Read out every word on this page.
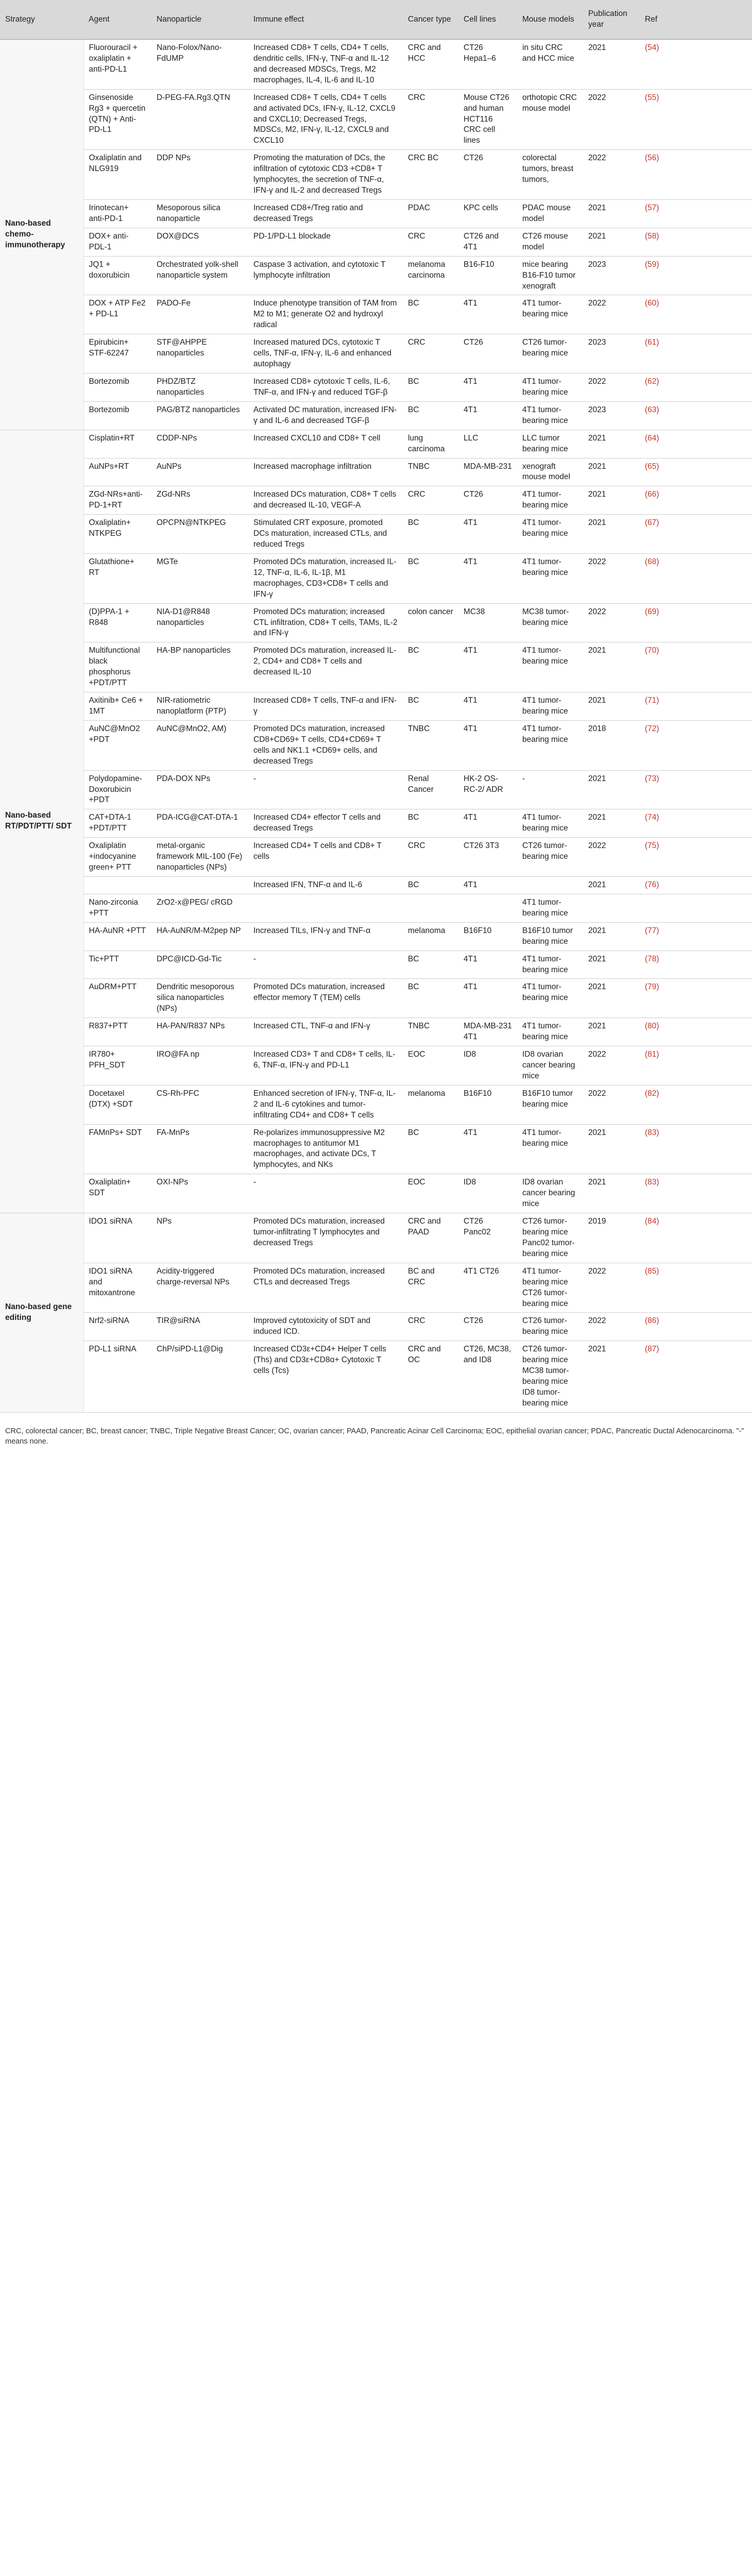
Strategy	Agent	Nanoparticle	Immune effect	Cancer type	Cell lines	Mouse models	Publication year	Ref
Nano-based chemo-immunotherapy	Fluorouracil + oxaliplatin + anti-PD-L1	Nano-Folox/Nano-FdUMP	Increased CD8+ T cells, CD4+ T cells, dendritic cells, IFN-γ, TNF-α and IL-12 and decreased MDSCs, Tregs, M2 macrophages, IL-4, IL-6 and IL-10	CRC and HCC	CT26 Hepa1–6	in situ CRC and HCC mice	2021	(54)
	Ginsenoside Rg3 + quercetin (QTN) + Anti-PD-L1	D-PEG-FA.Rg3.QTN	Increased CD8+ T cells, CD4+ T cells and activated DCs, IFN-γ, IL-12, CXCL9 and CXCL10; Decreased Tregs, MDSCs, M2, IFN-γ, IL-12, CXCL9 and CXCL10	CRC	Mouse CT26 and human HCT116 CRC cell lines	orthotopic CRC mouse model	2022	(55)
	Oxaliplatin and NLG919	DDP NPs	Promoting the maturation of DCs, the infiltration of cytotoxic CD3 +CD8+ T lymphocytes, the secretion of TNF-α, IFN-γ and IL-2 and decreased Tregs	CRC BC	CT26	colorectal tumors, breast tumors,	2022	(56)
	Irinotecan+ anti-PD-1	Mesoporous silica nanoparticle	Increased CD8+/Treg ratio and decreased Tregs	PDAC	KPC cells	PDAC mouse model	2021	(57)
	DOX+ anti-PDL-1	DOX@DCS	PD-1/PD-L1 blockade	CRC	CT26 and 4T1	CT26 mouse model	2021	(58)
	JQ1 + doxorubicin	Orchestrated yolk-shell nanoparticle system	Caspase 3 activation, and cytotoxic T lymphocyte infiltration	melanoma carcinoma	B16-F10	mice bearing B16-F10 tumor xenograft	2023	(59)
	DOX + ATP Fe2 + PD-L1	PADO-Fe	Induce phenotype transition of TAM from M2 to M1; generate O2 and hydroxyl radical	BC	4T1	4T1 tumor-bearing mice	2022	(60)
	Epirubicin+ STF-62247	STF@AHPPE nanoparticles	Increased matured DCs, cytotoxic T cells, TNF-α, IFN-γ, IL-6 and enhanced autophagy	CRC	CT26	CT26 tumor-bearing mice	2023	(61)
	Bortezomib	PHDZ/BTZ nanoparticles	Increased CD8+ cytotoxic T cells, IL-6, TNF-α, and IFN-γ and reduced TGF-β	BC	4T1	4T1 tumor-bearing mice	2022	(62)
	Bortezomib	PAG/BTZ nanoparticles	Activated DC maturation, increased IFN-γ and IL-6 and decreased TGF-β	BC	4T1	4T1 tumor-bearing mice	2023	(63)
Nano-based RT/PDT/PTT/ SDT	Cisplatin+RT	CDDP-NPs	Increased CXCL10 and CD8+ T cell	lung carcinoma	LLC	LLC tumor bearing mice	2021	(64)
	AuNPs+RT	AuNPs	Increased macrophage infiltration	TNBC	MDA-MB-231	xenograft mouse model	2021	(65)
	ZGd-NRs+anti-PD-1+RT	ZGd-NRs	Increased DCs maturation, CD8+ T cells and decreased IL-10, VEGF-A	CRC	CT26	4T1 tumor-bearing mice	2021	(66)
	Oxaliplatin+ NTKPEG	OPCPN@NTKPEG	Stimulated CRT exposure, promoted DCs maturation, increased CTLs, and reduced Tregs	BC	4T1	4T1 tumor-bearing mice	2021	(67)
	Glutathione+ RT	MGTe	Promoted DCs maturation, increased IL-12, TNF-α, IL-6, IL-1β, M1 macrophages, CD3+CD8+ T cells and IFN-γ	BC	4T1	4T1 tumor-bearing mice	2022	(68)
	(D)PPA-1 + R848	NIA-D1@R848 nanoparticles	Promoted DCs maturation; increased CTL infiltration, CD8+ T cells, TAMs, IL-2 and IFN-γ	colon cancer	MC38	MC38 tumor-bearing mice	2022	(69)
	Multifunctional black phosphorus +PDT/PTT	HA-BP nanoparticles	Promoted DCs maturation, increased IL-2, CD4+ and CD8+ T cells and decreased IL-10	BC	4T1	4T1 tumor-bearing mice	2021	(70)
	Axitinib+ Ce6 + 1MT	NIR-ratiometric nanoplatform (PTP)	Increased CD8+ T cells, TNF-α and IFN-γ	BC	4T1	4T1 tumor-bearing mice	2021	(71)
	AuNC@MnO2 +PDT	AuNC@MnO2, AM)	Promoted DCs maturation, increased CD8+CD69+ T cells, CD4+CD69+ T cells and NK1.1 +CD69+ cells, and decreased Tregs	TNBC	4T1	4T1 tumor-bearing mice	2018	(72)
	Polydopamine-Doxorubicin +PDT	PDA-DOX NPs	-	Renal Cancer	HK-2 OS-RC-2/ ADR	-	2021	(73)
	CAT+DTA-1 +PDT/PTT	PDA-ICG@CAT-DTA-1	Increased CD4+ effector T cells and decreased Tregs	BC	4T1	4T1 tumor-bearing mice	2021	(74)
	Oxaliplatin +indocyanine green+ PTT	metal-organic framework MIL-100 (Fe) nanoparticles (NPs)	Increased CD4+ T cells and CD8+ T cells	CRC	CT26 3T3	CT26 tumor-bearing mice	2022	(75)
			Increased IFN, TNF-α and IL-6	BC	4T1		2021	(76)
	Nano-zirconia +PTT	ZrO2-x@PEG/ cRGD				4T1 tumor-bearing mice		
	HA-AuNR +PTT	HA-AuNR/M-M2pep NP	Increased TILs, IFN-γ and TNF-α	melanoma	B16F10	B16F10 tumor bearing mice	2021	(77)
	Tic+PTT	DPC@ICD-Gd-Tic	-	BC	4T1	4T1 tumor-bearing mice	2021	(78)
	AuDRM+PTT	Dendritic mesoporous silica nanoparticles (NPs)	Promoted DCs maturation, increased effector memory T (TEM) cells	BC	4T1	4T1 tumor-bearing mice	2021	(79)
	R837+PTT	HA-PAN/R837 NPs	Increased CTL, TNF-α and IFN-γ	TNBC	MDA-MB-231 4T1	4T1 tumor-bearing mice	2021	(80)
	IR780+ PFH_SDT	IRO@FA np	Increased CD3+ T and CD8+ T cells, IL-6, TNF-α, IFN-γ and PD-L1	EOC	ID8	ID8 ovarian cancer bearing mice	2022	(81)
	Docetaxel (DTX) +SDT	CS-Rh-PFC	Enhanced secretion of IFN-γ, TNF-α, IL-2 and IL-6 cytokines and tumor-infiltrating CD4+ and CD8+ T cells	melanoma	B16F10	B16F10 tumor bearing mice	2022	(82)
	FAMnPs+ SDT	FA-MnPs	Re-polarizes immunosuppressive M2 macrophages to antitumor M1 macrophages, and activate DCs, T lymphocytes, and NKs	BC	4T1	4T1 tumor-bearing mice	2021	(83)
	Oxaliplatin+ SDT	OXI-NPs	-	EOC	ID8	ID8 ovarian cancer bearing mice	2021	(83)
Nano-based gene editing	IDO1 siRNA	NPs	Promoted DCs maturation, increased tumor-infiltrating T lymphocytes and decreased Tregs	CRC and PAAD	CT26 Panc02	CT26 tumor-bearing mice Panc02 tumor-bearing mice	2019	(84)
	IDO1 siRNA and mitoxantrone	Acidity-triggered charge-reversal NPs	Promoted DCs maturation, increased CTLs and decreased Tregs	BC and CRC	4T1 CT26	4T1 tumor-bearing mice CT26 tumor-bearing mice	2022	(85)
	Nrf2-siRNA	TIR@siRNA	Improved cytotoxicity of SDT and induced ICD.	CRC	CT26	CT26 tumor-bearing mice	2022	(86)
	PD-L1 siRNA	ChP/siPD-L1@Dig	Increased CD3ε+CD4+ Helper T cells (Ths) and CD3ε+CD8α+ Cytotoxic T cells (Tcs)	CRC and OC	CT26, MC38, and ID8	CT26 tumor-bearing mice MC38 tumor-bearing mice ID8 tumor-bearing mice	2021	(87)
CRC, colorectal cancer; BC, breast cancer; TNBC, Triple Negative Breast Cancer; OC, ovarian cancer; PAAD, Pancreatic Acinar Cell Carcinoma; EOC, epithelial ovarian cancer; PDAC, Pancreatic Ductal Adenocarcinoma. "-" means none.
